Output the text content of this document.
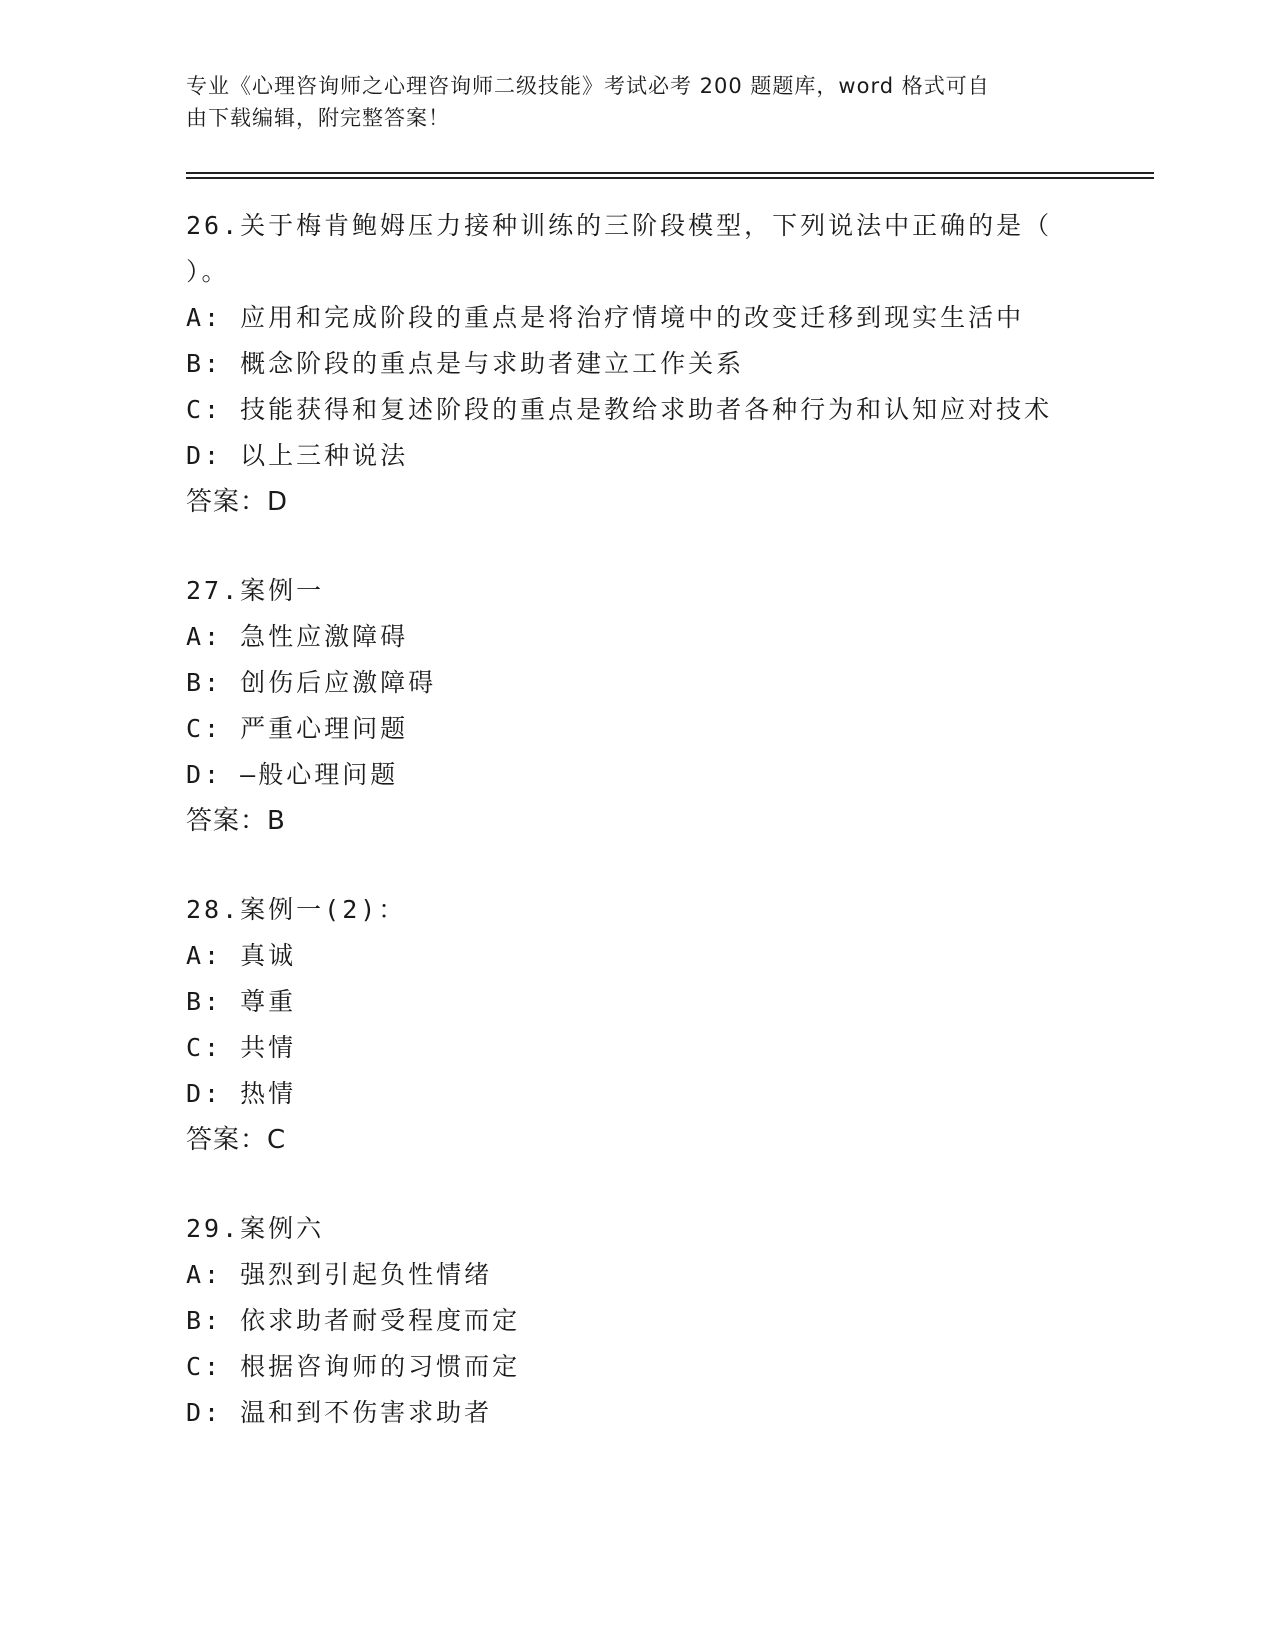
专业《心理咨询师之心理咨询师二级技能》考试必考 200 题题库，word 格式可自
由下载编辑，附完整答案！
26.关于梅肯鲍姆压力接种训练的三阶段模型，下列说法中正确的是（
）。
A: 应用和完成阶段的重点是将治疗情境中的改变迁移到现实生活中
B: 概念阶段的重点是与求助者建立工作关系
C: 技能获得和复述阶段的重点是教给求助者各种行为和认知应对技术
D: 以上三种说法
答案：D
27.案例一
A: 急性应激障碍
B: 创伤后应激障碍
C: 严重心理问题
D: —般心理问题
答案：B
28.案例一(2)：
A: 真诚
B: 尊重
C: 共情
D: 热情
答案：C
29.案例六
A: 强烈到引起负性情绪
B: 依求助者耐受程度而定
C: 根据咨询师的习惯而定
D: 温和到不伤害求助者
